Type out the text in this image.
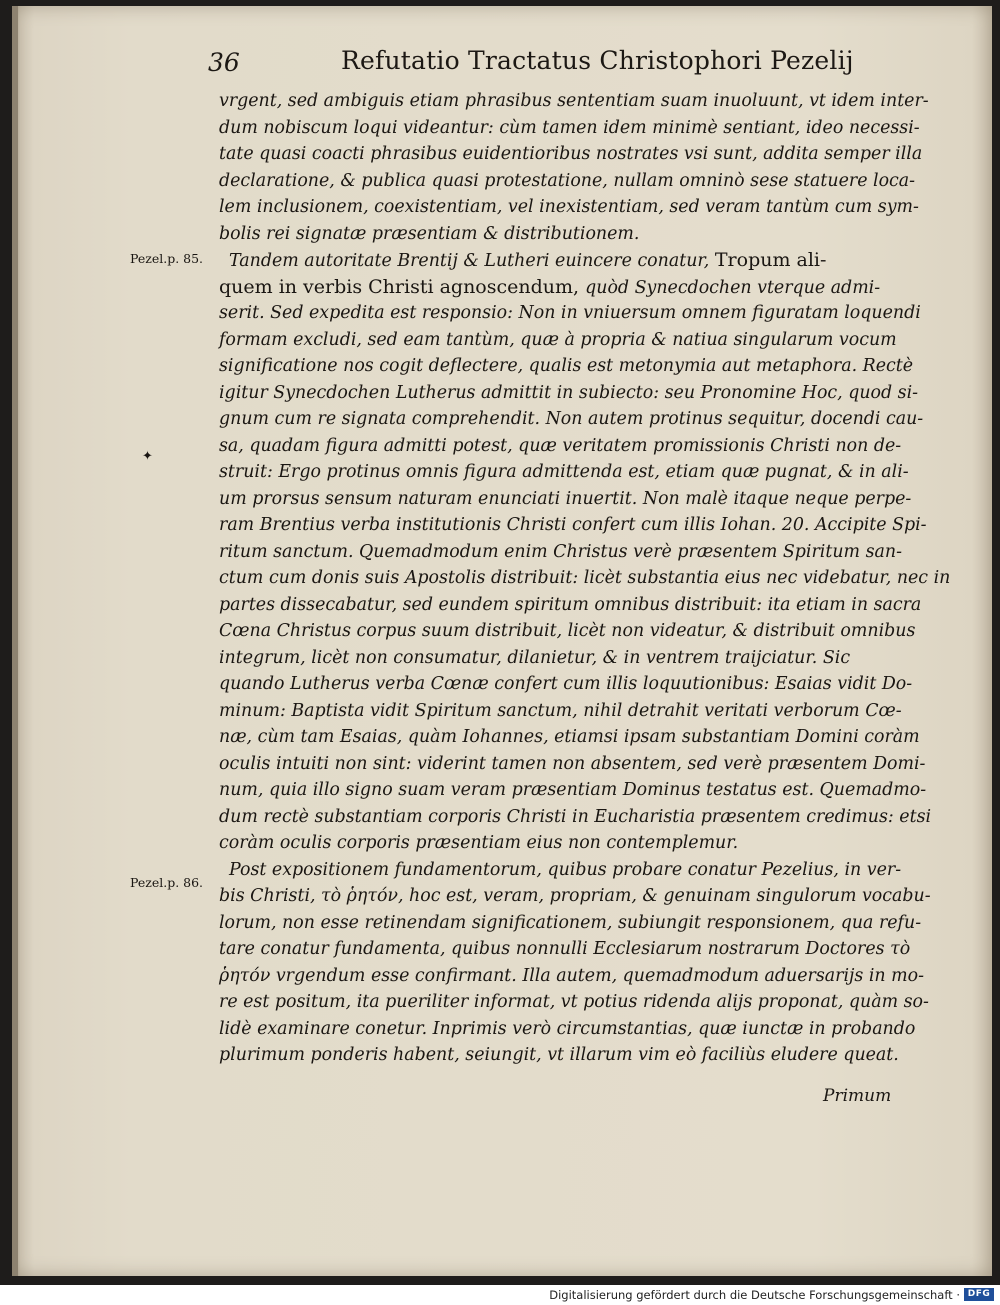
36	Refutatio Tractatus Christophori Pezelij
Pezel.p. 85.
✦
Pezel.p. 86.
vrgent, sed ambiguis etiam phrasibus sententiam suam inuoluunt, vt idem inter-
dum nobiscum loqui videantur: cùm tamen idem minimè sentiant, ideo necessi-
tate quasi coacti phrasibus euidentioribus nostrates vsi sunt, addita semper illa
declaratione, & publica quasi protestatione, nullam omninò sese statuere loca-
lem inclusionem, coexistentiam, vel inexistentiam, sed veram tantùm cum sym-
bolis rei signatæ præsentiam & distributionem.
Tandem autoritate Brentij & Lutheri euincere conatur, Tropum ali-
quem in verbis Christi agnoscendum, quòd Synecdochen vterque admi-
serit. Sed expedita est responsio: Non in vniuersum omnem figuratam loquendi
formam excludi, sed eam tantùm, quæ à propria & natiua singularum vocum
significatione nos cogit deflectere, qualis est metonymia aut metaphora. Rectè
igitur Synecdochen Lutherus admittit in subiecto: seu Pronomine Hoc, quod si-
gnum cum re signata comprehendit. Non autem protinus sequitur, docendi cau-
sa, quadam figura admitti potest, quæ veritatem promissionis Christi non de-
struit: Ergo protinus omnis figura admittenda est, etiam quæ pugnat, & in ali-
um prorsus sensum naturam enunciati inuertit. Non malè itaque neque perpe-
ram Brentius verba institutionis Christi confert cum illis Iohan. 20. Accipite Spi-
ritum sanctum. Quemadmodum enim Christus verè præsentem Spiritum san-
ctum cum donis suis Apostolis distribuit: licèt substantia eius nec videbatur, nec in
partes dissecabatur, sed eundem spiritum omnibus distribuit: ita etiam in sacra
Cœna Christus corpus suum distribuit, licèt non videatur, & distribuit omnibus
integrum, licèt non consumatur, dilanietur, & in ventrem traijciatur. Sic
quando Lutherus verba Cœnæ confert cum illis loquutionibus: Esaias vidit Do-
minum: Baptista vidit Spiritum sanctum, nihil detrahit veritati verborum Cœ-
næ, cùm tam Esaias, quàm Iohannes, etiamsi ipsam substantiam Domini coràm
oculis intuiti non sint: viderint tamen non absentem, sed verè præsentem Domi-
num, quia illo signo suam veram præsentiam Dominus testatus est. Quemadmo-
dum rectè substantiam corporis Christi in Eucharistia præsentem credimus: etsi
coràm oculis corporis præsentiam eius non contemplemur.
Post expositionem fundamentorum, quibus probare conatur Pezelius, in ver-
bis Christi, τὸ ῥητόν, hoc est, veram, propriam, & genuinam singulorum vocabu-
lorum, non esse retinendam significationem, subiungit responsionem, qua refu-
tare conatur fundamenta, quibus nonnulli Ecclesiarum nostrarum Doctores τὸ
ῥητόν vrgendum esse confirmant. Illa autem, quemadmodum aduersarijs in mo-
re est positum, ita pueriliter informat, vt potius ridenda alijs proponat, quàm so-
lidè examinare conetur. Inprimis verò circumstantias, quæ iunctæ in probando
plurimum ponderis habent, seiungit, vt illarum vim eò faciliùs eludere queat.
Primum
Digitalisierung gefördert durch die Deutsche Forschungsgemeinschaft · DFG
